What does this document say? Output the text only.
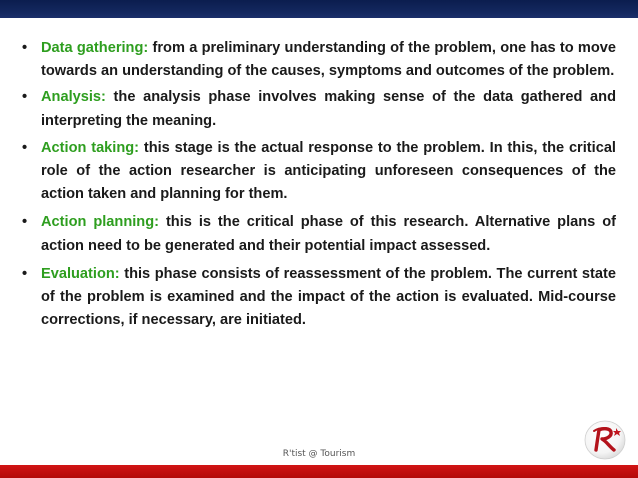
• Data gathering: from a preliminary understanding of the problem, one has to move towards an understanding of the causes, symptoms and outcomes of the problem.
• Analysis: the analysis phase involves making sense of the data gathered and interpreting the meaning.
• Action taking: this stage is the actual response to the problem. In this, the critical role of the action researcher is anticipating unforeseen consequences of the action taken and planning for them.
• Action planning: this is the critical phase of this research. Alternative plans of action need to be generated and their potential impact assessed.
• Evaluation: this phase consists of reassessment of the problem. The current state of the problem is examined and the impact of the action is evaluated. Mid-course corrections, if necessary, are initiated.
R'tist @ Tourism
